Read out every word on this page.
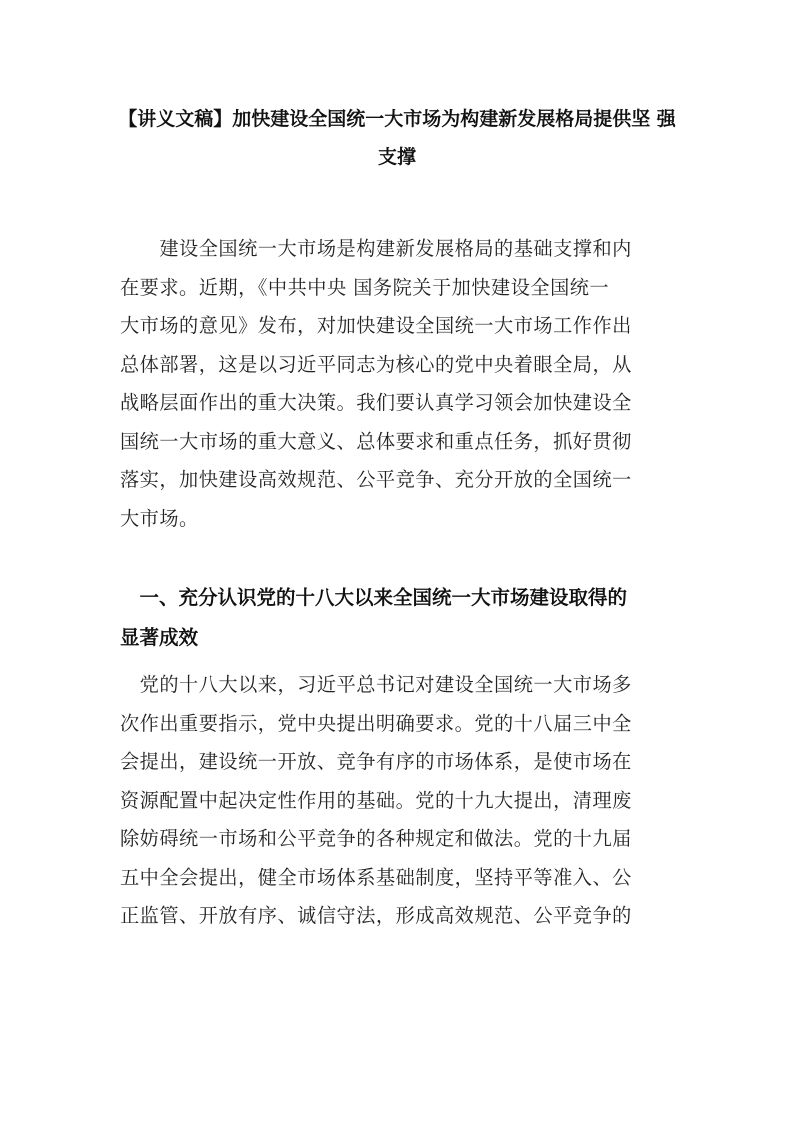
【讲义文稿】加快建设全国统一大市场为构建新发展格局提供坚 强
支撑

　　建设全国统一大市场是构建新发展格局的基础支撑和内
在要求。近期，《中共中央 国务院关于加快建设全国统一
大市场的意见》发布，对加快建设全国统一大市场工作作出
总体部署，这是以习近平同志为核心的党中央着眼全局，从
战略层面作出的重大决策。我们要认真学习领会加快建设全
国统一大市场的重大意义、总体要求和重点任务，抓好贯彻
落实，加快建设高效规范、公平竞争、充分开放的全国统一
大市场。

　一、充分认识党的十八大以来全国统一大市场建设取得的
显著成效

　党的十八大以来，习近平总书记对建设全国统一大市场多
次作出重要指示，党中央提出明确要求。党的十八届三中全
会提出，建设统一开放、竞争有序的市场体系，是使市场在
资源配置中起决定性作用的基础。党的十九大提出，清理废
除妨碍统一市场和公平竞争的各种规定和做法。党的十九届
五中全会提出，健全市场体系基础制度，坚持平等准入、公
正监管、开放有序、诚信守法，形成高效规范、公平竞争的
